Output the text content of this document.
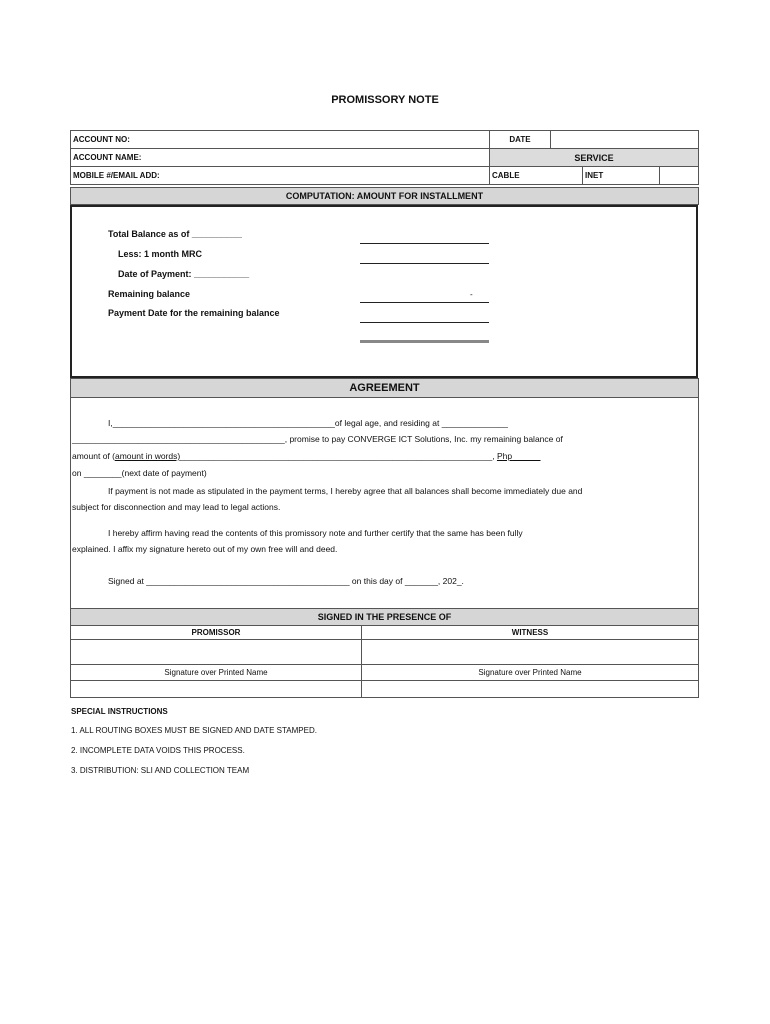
PROMISSORY NOTE
ACCOUNT NO:	DATE			
ACCOUNT NAME:	SERVICE			
MOBILE #/EMAIL ADD:	CABLE		INET	
COMPUTATION: AMOUNT FOR INSTALLMENT
Total Balance as of __________
Less: 1 month MRC
Date of Payment: ___________
Remaining balance
Payment Date for the remaining balance
-
AGREEMENT
I,_______________________________________________of legal age, and residing at ______________
_____________________________________________, promise to pay CONVERGE ICT Solutions, Inc. my remaining balance of
amount of (amount in words)__________________________________________________________________, Php______
on ________(next date of payment)
If payment is not made as stipulated in the payment terms, I hereby agree that all balances shall become immediately due and
subject for disconnection and may lead to legal actions.
I hereby affirm having read the contents of this promissory note and further certify that the same has been fully
explained. I affix my signature hereto out of my own free will and deed.
Signed at ___________________________________________ on this day of _______, 202_.
SIGNED IN THE PRESENCE OF
PROMISSOR	WITNESS

Signature over Printed Name	Signature over Printed Name

SPECIAL INSTRUCTIONS
1. ALL ROUTING BOXES MUST BE SIGNED AND DATE STAMPED.
2. INCOMPLETE DATA VOIDS THIS PROCESS.
3. DISTRIBUTION: SLI AND COLLECTION TEAM
